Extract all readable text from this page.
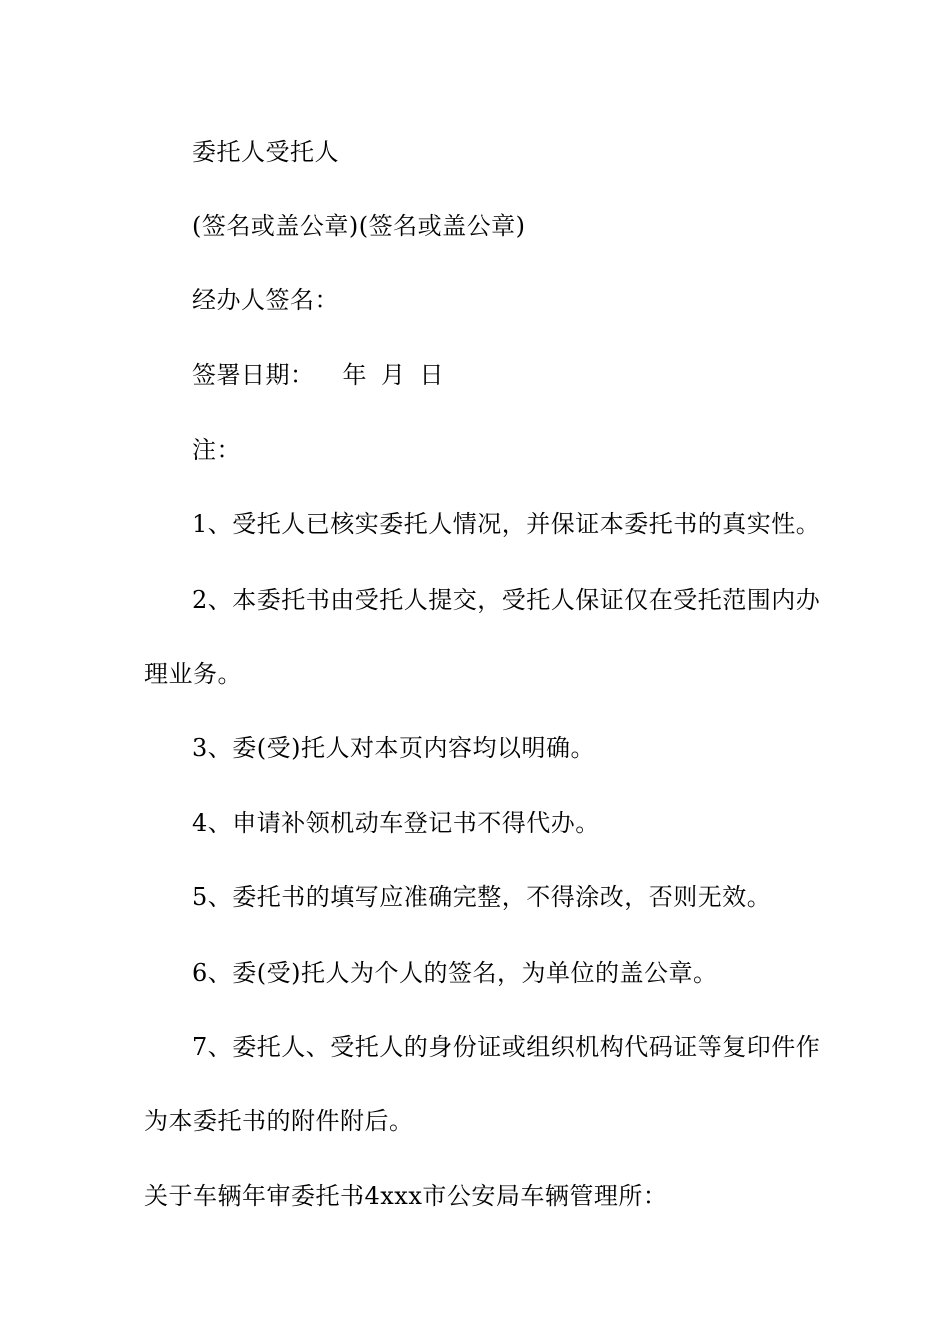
委托人受托人
(签名或盖公章)(签名或盖公章)
经办人签名：
签署日期： 年 月 日
注：
1、受托人已核实委托人情况，并保证本委托书的真实性。
2、本委托书由受托人提交，受托人保证仅在受托范围内办
理业务。
3、委(受)托人对本页内容均以明确。
4、申请补领机动车登记书不得代办。
5、委托书的填写应准确完整，不得涂改，否则无效。
6、委(受)托人为个人的签名，为单位的盖公章。
7、委托人、受托人的身份证或组织机构代码证等复印件作
为本委托书的附件附后。
关于车辆年审委托书4xxx市公安局车辆管理所：
